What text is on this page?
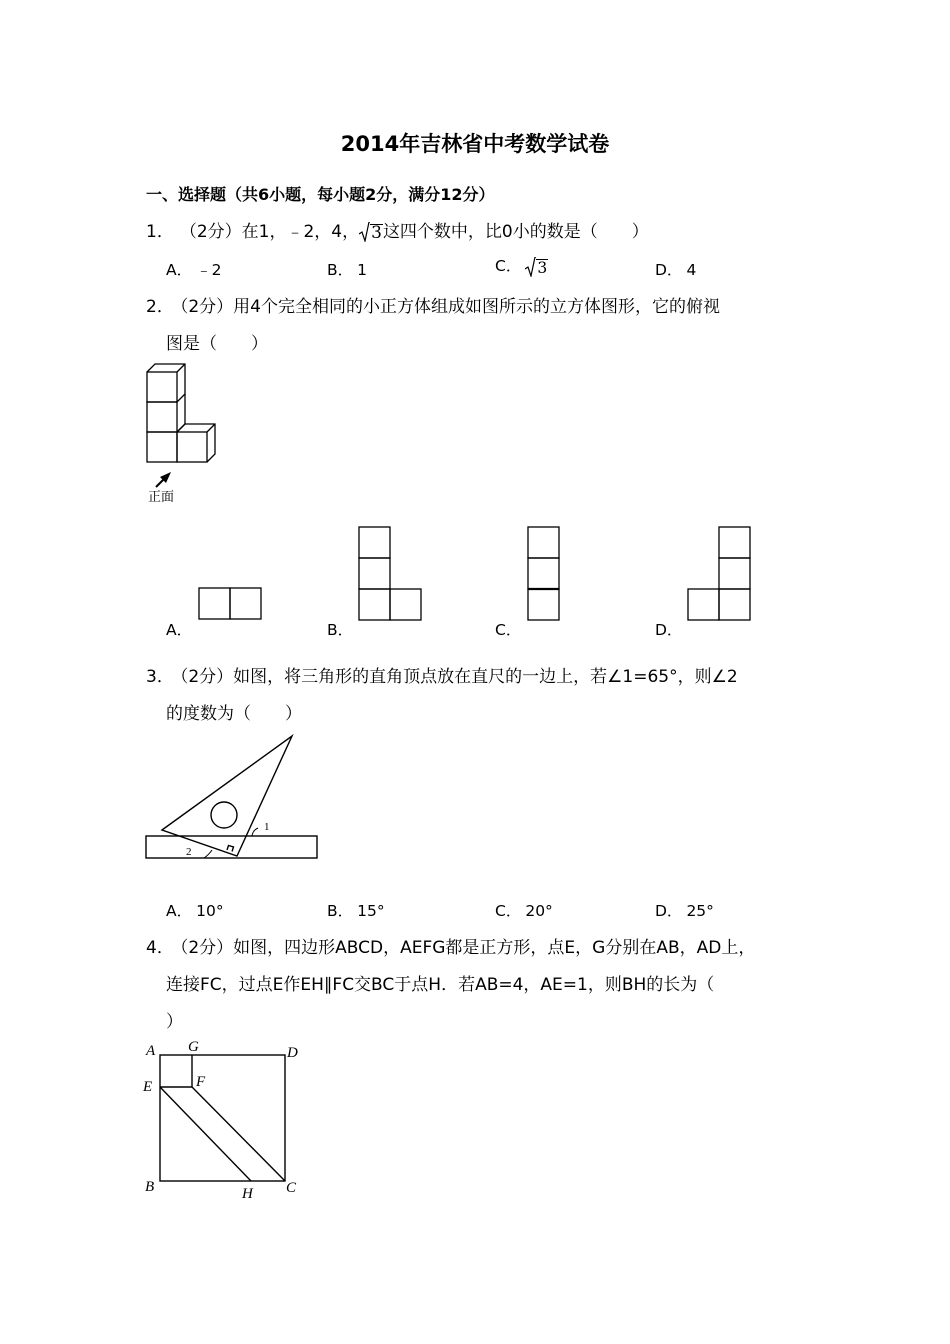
2014年吉林省中考数学试卷
一、选择题（共6小题，每小题2分，满分12分）
1． （2分） 在1，﹣2，4， 3 这四个数中，比0小的数是（　　）
A． ﹣2	B． 1	C． 3	D． 4
2． （2分）用4个完全相同的小正方体组成如图所示的立方体图形，它的俯视
图是（　　）
正面
A．	B．	C．	D．
3． （2分）如图，将三角形的直角顶点放在直尺的一边上，若∠1=65°，则∠2
的度数为（　　）
1
2
A． 10°	B． 15°	C． 20°	D． 25°
4． （2分）如图，四边形ABCD，AEFG都是正方形，点E，G分别在AB，AD上，
连接FC，过点E作EH∥FC交BC于点H．若AB=4，AE=1，则BH的长为（
）
A G	D
E	F
B	H C
